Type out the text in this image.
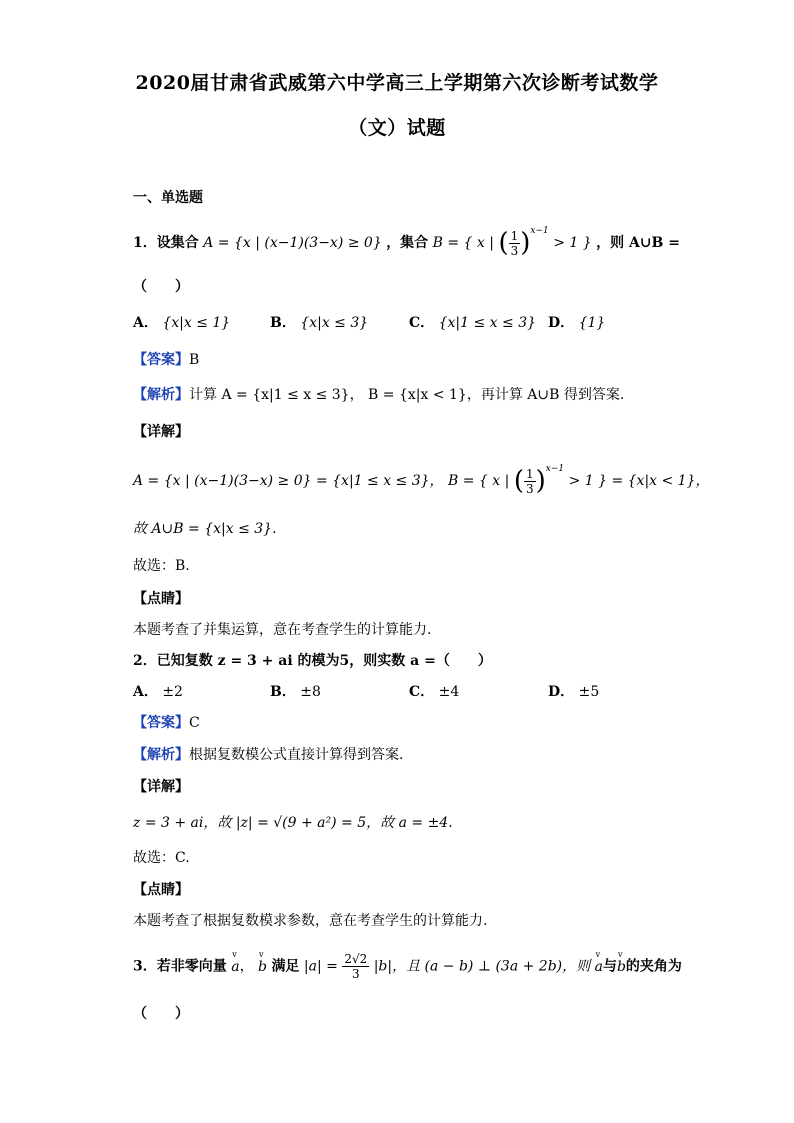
2020届甘肃省武威第六中学高三上学期第六次诊断考试数学
（文）试题
一、单选题
1．设集合 A = {x | (x−1)(3−x) ≥ 0} ，集合 B = { x | ( $\frac{1}{3} )^{x-1} > 1$ } ，则 A∪B =
（　　）
A． {x|x ≤ 1}	B． {x|x ≤ 3}	C． {x|1 ≤ x ≤ 3} D． {1}
【答案】B
【解析】计算 A = {x|1 ≤ x ≤ 3}， B = {x|x < 1}，再计算 A∪B 得到答案.
【详解】
A = {x | (x−1)(3−x) ≥ 0} = {x|1 ≤ x ≤ 3}， B = { x | ( $\frac{1}{3} )^{x-1} > 1$ } = {x|x < 1}，
故 A∪B = {x|x ≤ 3}.
故选：B.
【点睛】
本题考查了并集运算，意在考查学生的计算能力.
2．已知复数 z = 3 + ai 的模为5，则实数 a =（　　）
A． ±2	B． ±8	C． ±4	D． ±5
【答案】C
【解析】根据复数模公式直接计算得到答案.
【详解】
z = 3 + ai，故 |z| = √(9 + a²) = 5，故 a = ±4.
故选：C.
【点睛】
本题考查了根据复数模求参数，意在考查学生的计算能力.
3．若非零向量 v a， v b 满足 $|a| = \frac{2√2}{3} |b|$，且 (a − b) ⊥ (3a + 2b)，则 v a与v b的夹角为
（　　）
